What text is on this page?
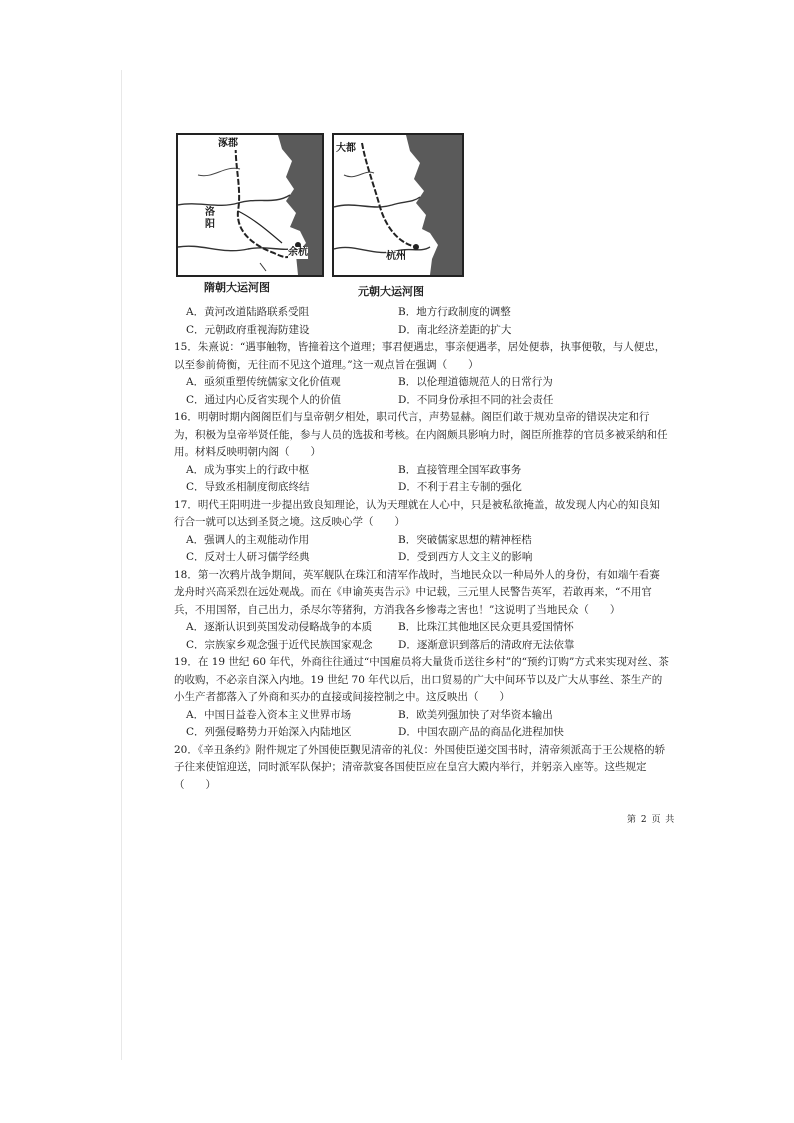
涿郡
洛阳
余杭
隋朝大运河图
大都
杭州
元朝大运河图
A．黄河改道陆路联系受阻	B．地方行政制度的调整
C．元朝政府重视海防建设	D．南北经济差距的扩大

15．朱熹说：“遇事触物，皆撞着这个道理；事君便遇忠，事亲便遇孝，居处便恭，执事便敬，与人便忠，以至参前倚衡，无往而不见这个道理。”这一观点旨在强调（　　）

A．亟须重塑传统儒家文化价值观	B．以伦理道德规范人的日常行为
C．通过内心反省实现个人的价值	D．不同身份承担不同的社会责任

16．明朝时期内阁阁臣们与皇帝朝夕相处，职司代言，声势显赫。阁臣们敢于规劝皇帝的错误决定和行为，积极为皇帝举贤任能，参与人员的选拔和考核。在内阁颇具影响力时，阁臣所推荐的官员多被采纳和任用。材料反映明朝内阁（　　）

A．成为事实上的行政中枢	B．直接管理全国军政事务
C．导致丞相制度彻底终结	D．不利于君主专制的强化

17．明代王阳明进一步提出致良知理论，认为天理就在人心中，只是被私欲掩盖，故发现人内心的知良知行合一就可以达到圣贤之境。这反映心学（　　）

A．强调人的主观能动作用	B．突破儒家思想的精神桎梏
C．反对士人研习儒学经典	D．受到西方人文主义的影响

18．第一次鸦片战争期间，英军舰队在珠江和清军作战时，当地民众以一种局外人的身份，有如端午看赛龙舟时兴高采烈在远处观战。而在《申谕英夷告示》中记载，三元里人民警告英军，若敢再来，“不用官兵，不用国帑，自己出力，杀尽尔等猪狗，方消我各乡惨毒之害也！”这说明了当地民众（　　）

A．逐渐认识到英国发动侵略战争的本质	B．比珠江其他地区民众更具爱国情怀
C．宗族家乡观念强于近代民族国家观念	D．逐渐意识到落后的清政府无法依靠

19．在 19 世纪 60 年代，外商往往通过“中国雇员将大量货币送往乡村”的“预约订购”方式来实现对丝、茶的收购，不必亲自深入内地。19 世纪 70 年代以后，出口贸易的广大中间环节以及广大从事丝、茶生产的小生产者都落入了外商和买办的直接或间接控制之中。这反映出（　　）

A．中国日益卷入资本主义世界市场	B．欧美列强加快了对华资本输出
C．列强侵略势力开始深入内陆地区	D．中国农副产品的商品化进程加快

20．《辛丑条约》附件规定了外国使臣觐见清帝的礼仪：外国使臣递交国书时，清帝须派高于王公规格的轿子往来使馆迎送，同时派军队保护；清帝款宴各国使臣应在皇宫大殿内举行，并躬亲入座等。这些规定（　　）

第 2 页 共
